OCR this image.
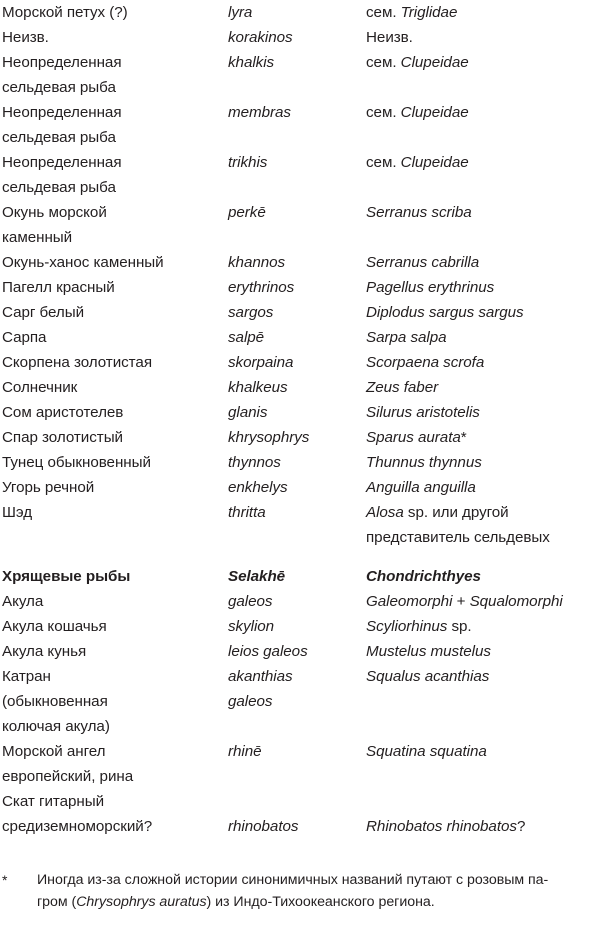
Морской петух (?)	lyra	сем. Triglidae
Неизв.	korakinos	Неизв.
Неопределенная	khalkis	сем. Clupeidae
сельдевая рыба
Неопределенная	membras	сем. Clupeidae
сельдевая рыба
Неопределенная	trikhis	сем. Clupeidae
сельдевая рыба
Окунь морской	perkē	Serranus scriba
каменный
Окунь-ханос каменный	khannos	Serranus cabrilla
Пагелл красный	erythrinos	Pagellus erythrinus
Сарг белый	sargos	Diplodus sargus sargus
Сарпа	salpē	Sarpa salpa
Скорпена золотистая	skorpaina	Scorpaena scrofa
Солнечник	khalkeus	Zeus faber
Сом аристотелев	glanis	Silurus aristotelis
Спар золотистый	khrysophrys	Sparus aurata*
Тунец обыкновенный	thynnos	Thunnus thynnus
Угорь речной	enkhelys	Anguilla anguilla
Шэд	thritta	Alosa sp. или другой
представитель сельдевых
Хрящевые рыбы	Selakhē	Chondrichthyes
Акула	galeos	Galeomorphi + Squalomorphi
Акула кошачья	skylion	Scyliorhinus sp.
Акула кунья	leios galeos	Mustelus mustelus
Катран	akanthias	Squalus acanthias
(обыкновенная	galeos
колючая акула)
Морской ангел	rhinē	Squatina squatina
европейский, рина
Скат гитарный
средиземноморский?	rhinobatos	Rhinobatos rhinobatos?
* Иногда из-за сложной истории синонимичных названий путают с розовым па-
гром (Chrysophrys auratus) из Индо-Тихоокеанского региона.
